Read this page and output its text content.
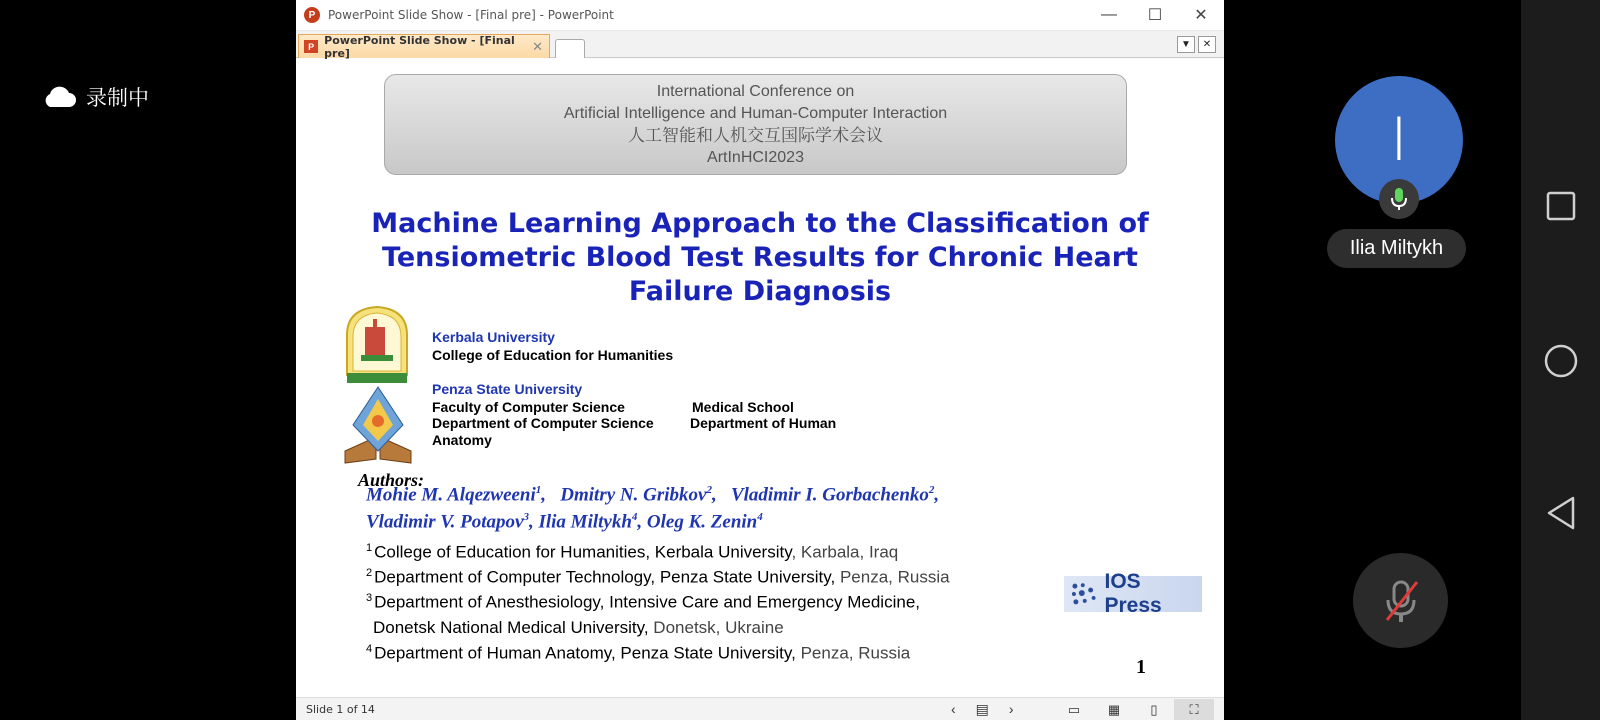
录制中
P	PowerPoint Slide Show - [Final pre] - PowerPoint	—	☐	✕
P PowerPoint Slide Show - [Final pre]	✕	▼	✕
International Conference on
Artificial Intelligence and Human-Computer Interaction
人工智能和人机交互国际学术会议
ArtInHCI2023
Machine Learning Approach to the Classification of
Tensiometric Blood Test Results for Chronic Heart
Failure Diagnosis
Kerbala University
College of Education for Humanities
Penza State University
Faculty of Computer Science	Medical School
Department of Computer Science	Department of Human
Anatomy
Authors:
Mohie M. Alqezweeni$^1$,   Dmitry N. Gribkov$^2$,   Vladimir I. Gorbachenko$^2$,
Vladimir V. Potapov$^3$, Ilia Miltykh$^4$, Oleg K. Zenin$^4$
$^1$ College of Education for Humanities, Kerbala University, Karbala, Iraq
$^2$ Department of Computer Technology, Penza State University, Penza, Russia
$^3$ Department of Anesthesiology, Intensive Care and Emergency Medicine,
Donetsk National Medical University, Donetsk, Ukraine
$^4$ Department of Human Anatomy, Penza State University, Penza, Russia
IOS Press
1
Slide 1 of 14	‹ ▤ ›	▭	▦	▯	⛶
I
Ilia Miltykh
